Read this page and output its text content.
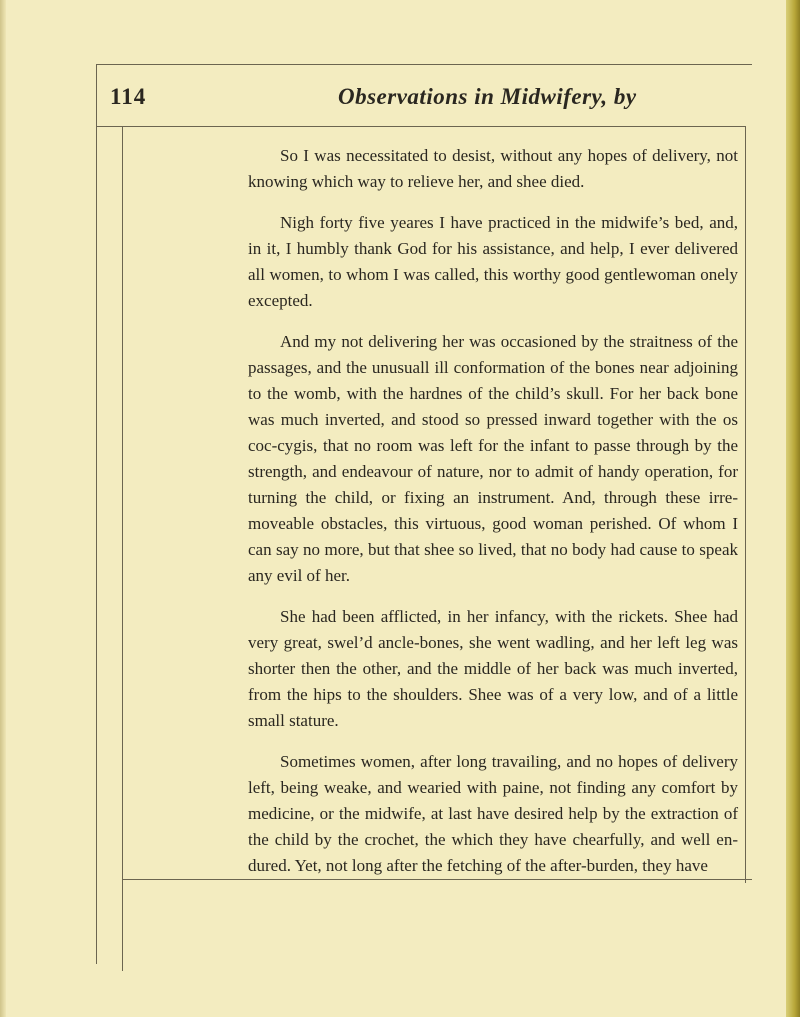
114	Observations in Midwifery, by

So I was necessitated to desist, without any hopes of delivery, not knowing which way to relieve her, and shee died.

Nigh forty five yeares I have practiced in the midwife’s bed, and, in it, I humbly thank God for his assistance, and help, I ever delivered all women, to whom I was called, this worthy good gentlewoman onely excepted.

And my not delivering her was occasioned by the straitness of the passages, and the unusuall ill conformation of the bones near adjoining to the womb, with the hardnes of the child’s skull. For her back bone was much inverted, and stood so pressed inward together with the os coc-cygis, that no room was left for the infant to passe through by the strength, and endeavour of nature, nor to admit of handy operation, for turning the child, or fixing an instrument. And, through these irre-moveable obstacles, this virtuous, good woman perished. Of whom I can say no more, but that shee so lived, that no body had cause to speak any evil of her.

She had been afflicted, in her infancy, with the rickets. Shee had very great, swel’d ancle-bones, she went wadling, and her left leg was shorter then the other, and the middle of her back was much inverted, from the hips to the shoulders. Shee was of a very low, and of a little small stature.

Sometimes women, after long travailing, and no hopes of delivery left, being weake, and wearied with paine, not finding any comfort by medicine, or the midwife, at last have desired help by the extraction of the child by the crochet, the which they have chearfully, and well en-dured. Yet, not long after the fetching of the after-burden, they have
